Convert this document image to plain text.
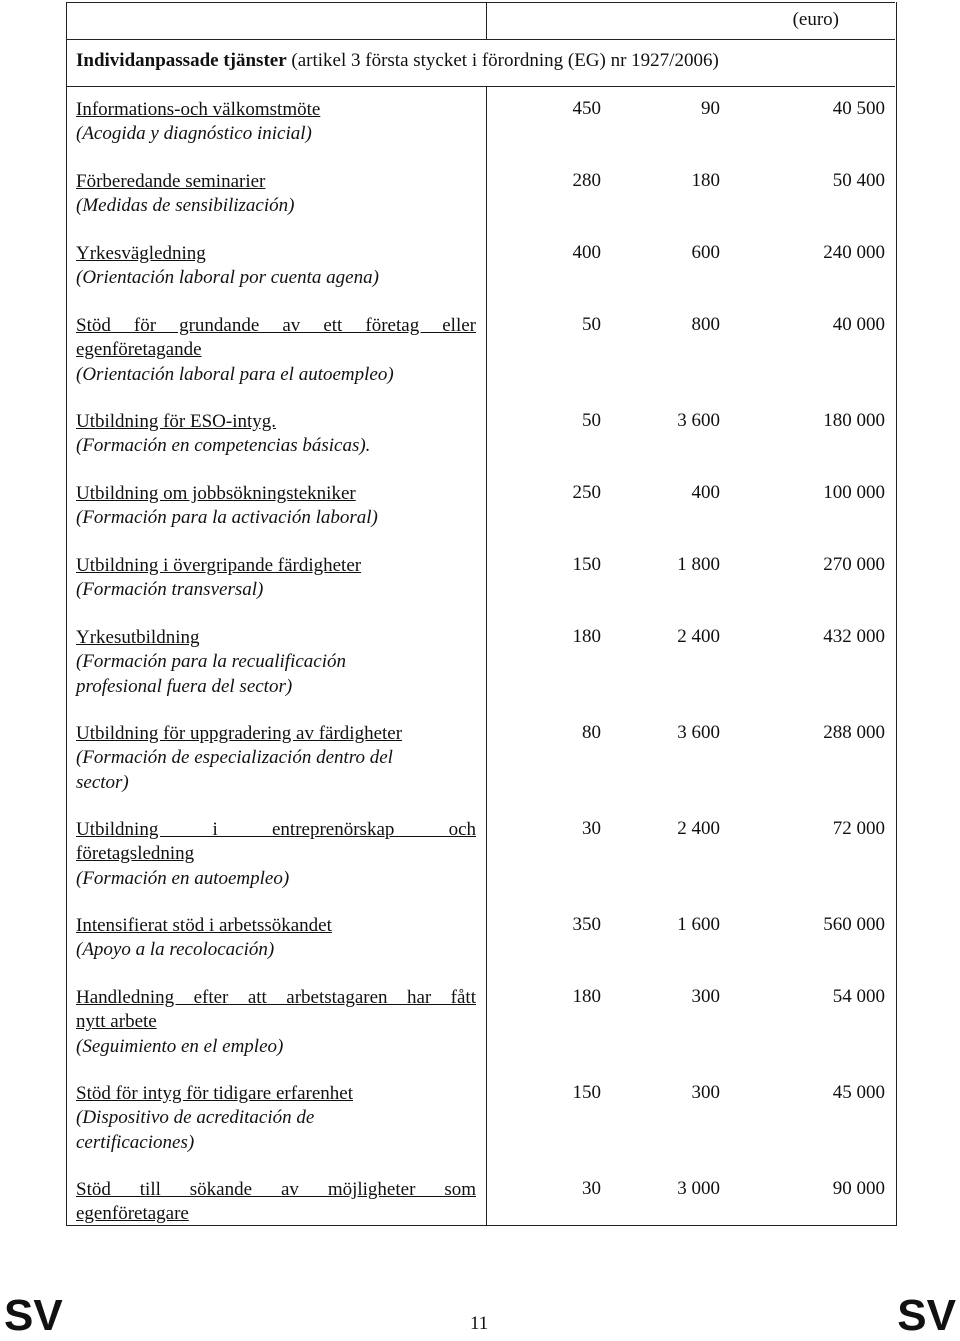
(euro)
Individanpassade tjänster (artikel 3 första stycket i förordning (EG) nr 1927/2006)
Informations-och välkomstmöte
(Acogida y diagnóstico inicial)
450	90	40 500
Förberedande seminarier
(Medidas de sensibilización)
280	180	50 400
Yrkesvägledning
(Orientación laboral por cuenta agena)
400	600	240 000
Stöd för grundande av ett företag eller
egenföretagande
(Orientación laboral para el autoempleo)
50	800	40 000
Utbildning för ESO-intyg.
(Formación en competencias básicas).
50	3 600	180 000
Utbildning om jobbsökningstekniker
(Formación para la activación laboral)
250	400	100 000
Utbildning i övergripande färdigheter
(Formación transversal)
150	1 800	270 000
Yrkesutbildning
(Formación para la recualificación
profesional fuera del sector)
180	2 400	432 000
Utbildning för uppgradering av färdigheter
(Formación de especialización dentro del
sector)
80	3 600	288 000
Utbildning i entreprenörskap och
företagsledning
(Formación en autoempleo)
30	2 400	72 000
Intensifierat stöd i arbetssökandet
(Apoyo a la recolocación)
350	1 600	560 000
Handledning efter att arbetstagaren har fått
nytt arbete
(Seguimiento en el empleo)
180	300	54 000
Stöd för intyg för tidigare erfarenhet
(Dispositivo de acreditación de
certificaciones)
150	300	45 000
Stöd till sökande av möjligheter som
egenföretagare
30	3 000	90 000
SV	11	SV
